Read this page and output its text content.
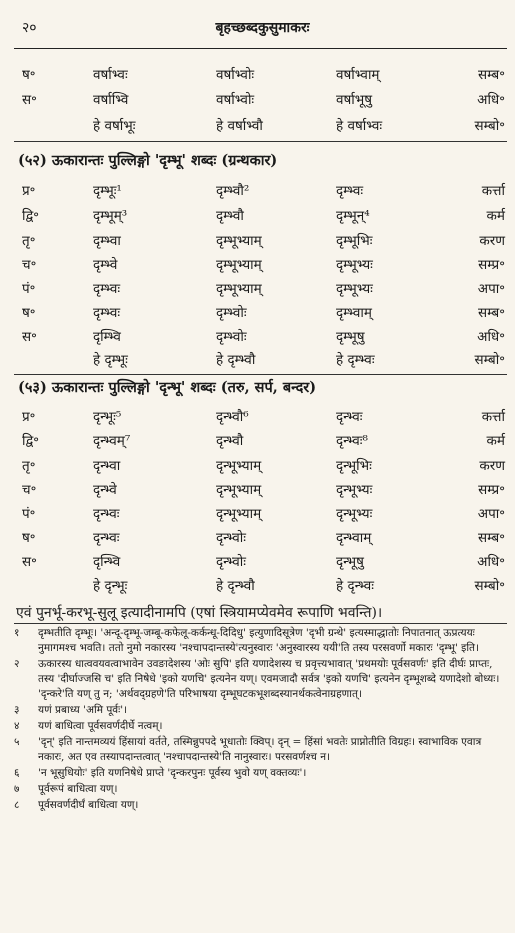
२०	बृहच्छब्दकुसुमाकरः
ष॰	वर्षाभ्वः	वर्षाभ्वोः	वर्षाभ्वाम्	सम्ब॰
स॰	वर्षाभ्वि	वर्षाभ्वोः	वर्षाभूषु	अधि॰
हे वर्षाभूः	हे वर्षाभ्वौ	हे वर्षाभ्वः	सम्बो॰
(५२) ऊकारान्तः पुल्लिङ्गो 'दृम्भू' शब्दः (ग्रन्थकार)
प्र॰	दृम्भूः¹	दृम्भ्वौ²	दृम्भ्वः	कर्त्ता
द्वि॰	दृम्भूम्³	दृम्भ्वौ	दृम्भून्⁴	कर्म
तृ॰	दृम्भ्वा	दृम्भूभ्याम्	दृम्भूभिः	करण
च॰	दृम्भ्वे	दृम्भूभ्याम्	दृम्भूभ्यः	सम्प्र॰
पं॰	दृम्भ्वः	दृम्भूभ्याम्	दृम्भूभ्यः	अपा॰
ष॰	दृम्भ्वः	दृम्भ्वोः	दृम्भ्वाम्	सम्ब॰
स॰	दृम्भ्वि	दृम्भ्वोः	दृम्भूषु	अधि॰
हे दृम्भूः	हे दृम्भ्वौ	हे दृम्भ्वः	सम्बो॰
(५३) ऊकारान्तः पुल्लिङ्गो 'दृन्भू' शब्दः (तरु, सर्प, बन्दर)
प्र॰	दृन्भूः⁵	दृन्भ्वौ⁶	दृन्भ्वः	कर्त्ता
द्वि॰	दृन्भ्वम्⁷	दृन्भ्वौ	दृन्भ्वः⁸	कर्म
तृ॰	दृन्भ्वा	दृन्भूभ्याम्	दृन्भूभिः	करण
च॰	दृन्भ्वे	दृन्भूभ्याम्	दृन्भूभ्यः	सम्प्र॰
पं॰	दृन्भ्वः	दृन्भूभ्याम्	दृन्भूभ्यः	अपा॰
ष॰	दृन्भ्वः	दृन्भ्वोः	दृन्भ्वाम्	सम्ब॰
स॰	दृन्भ्वि	दृन्भ्वोः	दृन्भूषु	अधि॰
हे दृन्भूः	हे दृन्भ्वौ	हे दृन्भ्वः	सम्बो॰
एवं पुनर्भू-करभू-सुलू इत्यादीनामपि (एषां स्त्रियामप्येवमेव रूपाणि भवन्ति)।
१	दृम्भतीति दृम्भूः। 'अन्दू-दृम्भू-जम्बू-कफेलू-कर्कन्धू-दिदिधु' इत्युणादिसूत्रेण 'दृभी ग्रन्थे' इत्यस्माद्धातोः निपातनात् ऊप्रत्ययः नुमागमश्च भवति। ततो नुमो नकारस्य 'नश्चापदान्तस्ये'त्यनुस्वारः 'अनुस्वारस्य ययी'ति तस्य परसवर्णो मकारः 'दृम्भू' इति।
२	ऊकारस्य धात्ववयवत्वाभावेन उवङादेशस्य 'ओः सुपि' इति यणादेशस्य च प्रवृत्त्यभावात् 'प्रथमयोः पूर्वसवर्णः' इति दीर्घः प्राप्तः, तस्य 'दीर्घाज्जसि च' इति निषेधे 'इको यणचि' इत्यनेन यण्। एवमजादौ सर्वत्र 'इको यणचि' इत्यनेन दृम्भूशब्दे यणादेशो बोध्यः। 'दृन्करे'ति यण् तु न; 'अर्थवद्ग्रहणे'ति परिभाषया दृम्भूघटकभूशब्दस्यानर्थकत्वेनाग्रहणात्।
३	यणं प्रबाध्य 'अमि पूर्वः'।
४	यणं बाधित्वा पूर्वसवर्णदीर्घे नत्वम्।
५	'दृन्' इति नान्तमव्ययं हिंसायां वर्तते, तस्मिन्नुपपदे भूधातोः क्विप्। दृन् = हिंसां भवतेः प्राप्नोतीति विग्रहः। स्वाभाविक एवात्र नकारः, अत एव तस्यापदान्तत्वात् 'नश्चापदान्तस्ये'ति नानुस्वारः। परसवर्णश्च न।
६	'न भूसुधियोः' इति यणनिषेधे प्राप्ते 'दृन्करपुनः पूर्वस्य भुवो यण् वक्तव्यः'।
७	पूर्वरूपं बाधित्वा यण्।
८	पूर्वसवर्णदीर्घं बाधित्वा यण्।
